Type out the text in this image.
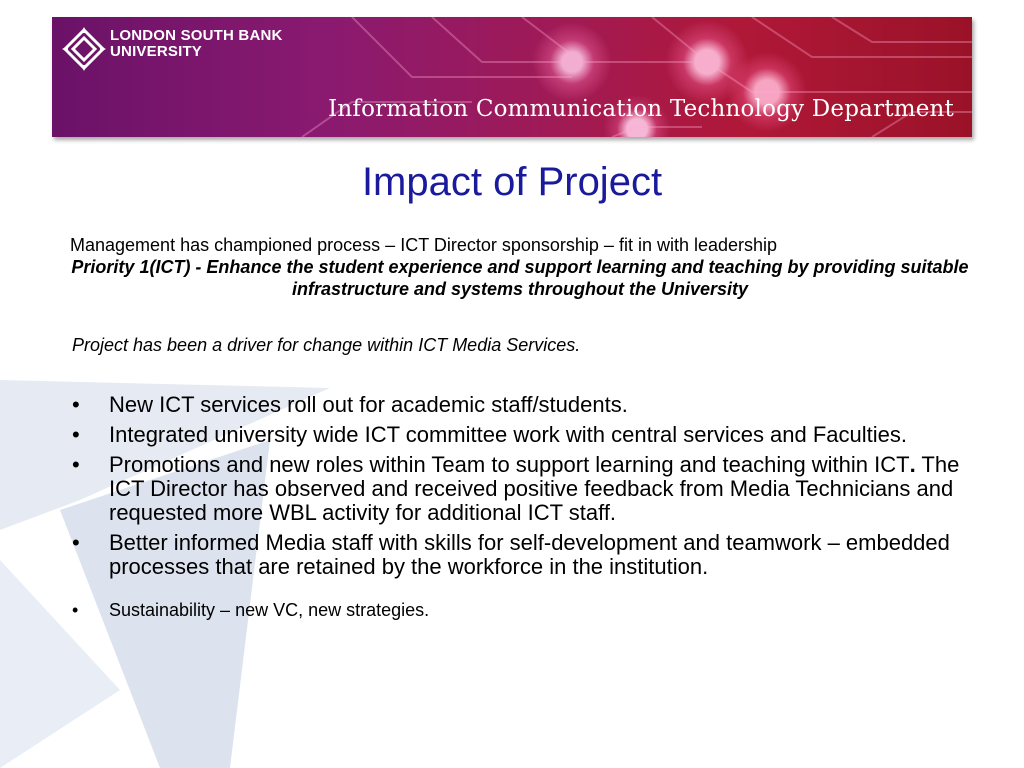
LONDON SOUTH BANK
UNIVERSITY
Information Communication Technology Department
Impact of Project

Management has championed process – ICT Director sponsorship – fit in with leadership

Priority 1(ICT) - Enhance the student experience and support learning and teaching by providing suitable infrastructure and systems throughout the University

Project has been a driver for change within ICT Media Services.

• New ICT services roll out for academic staff/students.
• Integrated university wide ICT committee work with central services and Faculties.
• Promotions and new roles within Team to support learning and teaching within ICT. The ICT Director has observed and received positive feedback from Media Technicians and requested more WBL activity for additional ICT staff.
• Better informed Media staff with skills for self-development and teamwork – embedded processes that are retained by the workforce in the institution.
• Sustainability – new VC, new strategies.
